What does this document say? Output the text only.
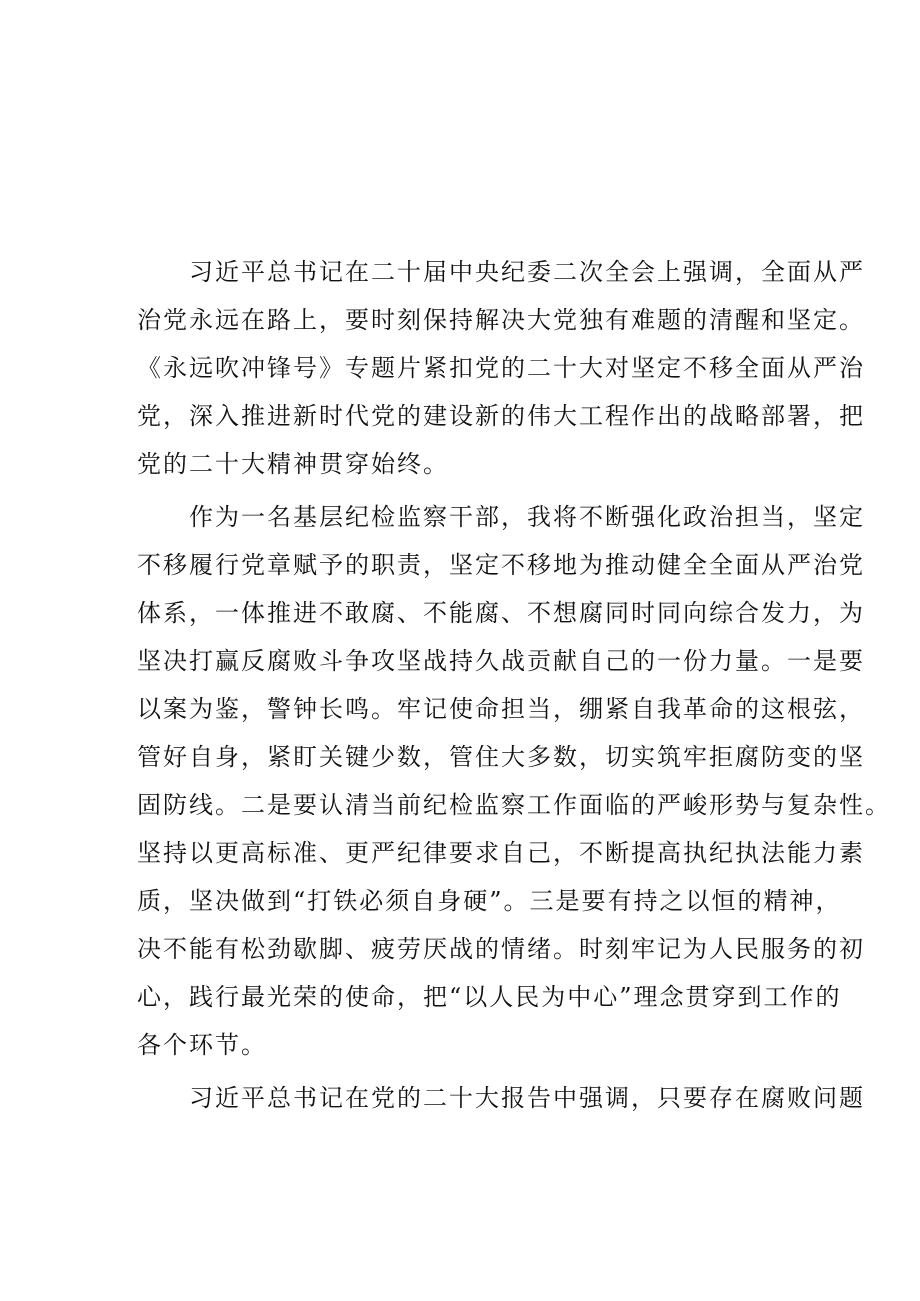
习近平总书记在二十届中央纪委二次全会上强调，全面从严
治党永远在路上，要时刻保持解决大党独有难题的清醒和坚定。
《永远吹冲锋号》专题片紧扣党的二十大对坚定不移全面从严治
党，深入推进新时代党的建设新的伟大工程作出的战略部署，把
党的二十大精神贯穿始终。
作为一名基层纪检监察干部，我将不断强化政治担当，坚定
不移履行党章赋予的职责，坚定不移地为推动健全全面从严治党
体系，一体推进不敢腐、不能腐、不想腐同时同向综合发力，为
坚决打赢反腐败斗争攻坚战持久战贡献自己的一份力量。一是要
以案为鉴，警钟长鸣。牢记使命担当，绷紧自我革命的这根弦，
管好自身，紧盯关键少数，管住大多数，切实筑牢拒腐防变的坚
固防线。二是要认清当前纪检监察工作面临的严峻形势与复杂性。
坚持以更高标准、更严纪律要求自己，不断提高执纪执法能力素
质，坚决做到“打铁必须自身硬”。三是要有持之以恒的精神，
决不能有松劲歇脚、疲劳厌战的情绪。时刻牢记为人民服务的初
心，践行最光荣的使命，把“以人民为中心”理念贯穿到工作的
各个环节。
习近平总书记在党的二十大报告中强调，只要存在腐败问题
